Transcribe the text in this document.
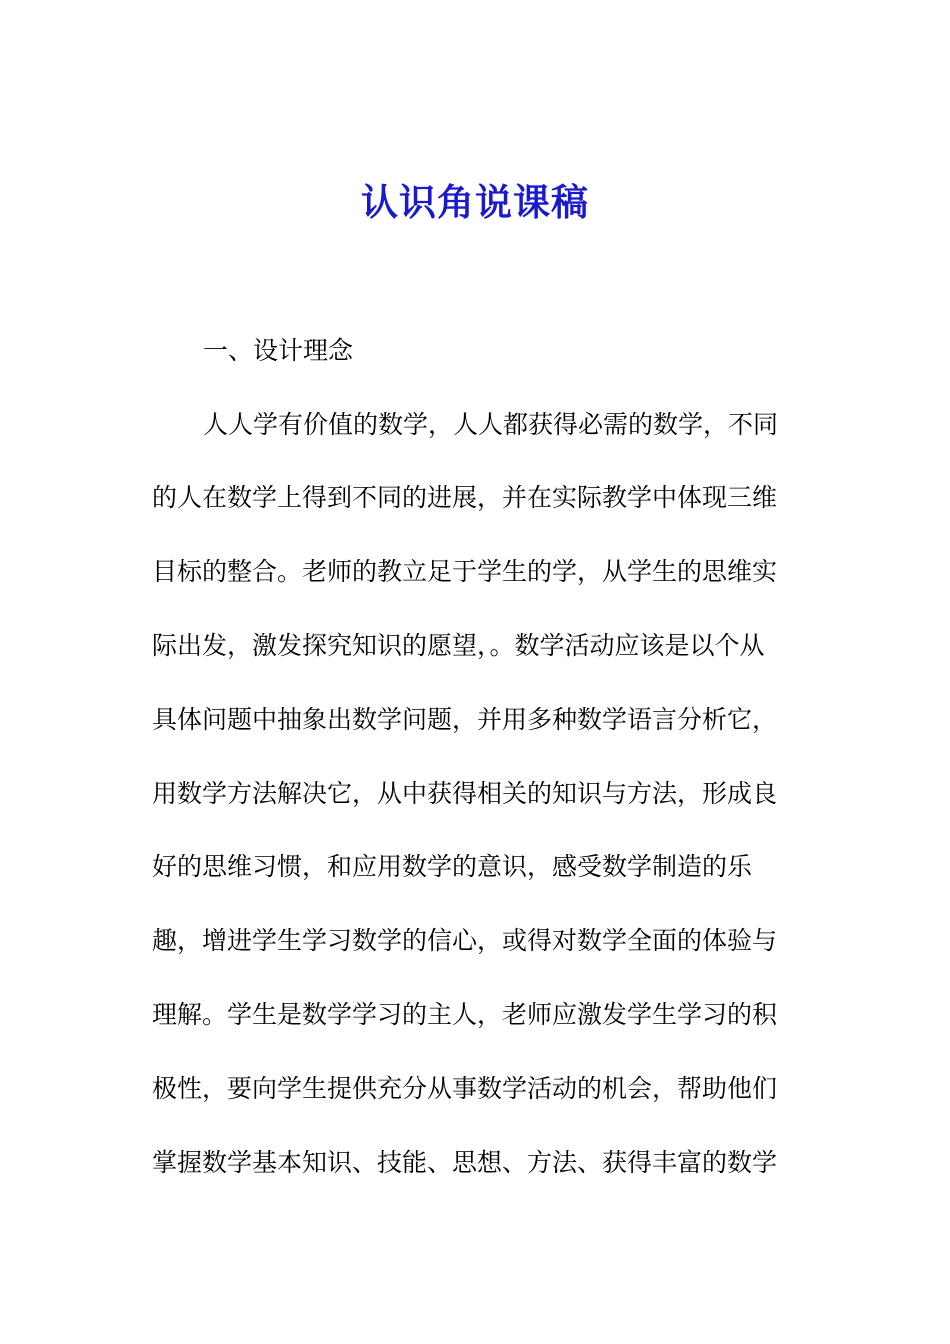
认识角说课稿
一、设计理念
人人学有价值的数学，人人都获得必需的数学，不同
的人在数学上得到不同的进展，并在实际教学中体现三维
目标的整合。老师的教立足于学生的学，从学生的思维实
际出发，激发探究知识的愿望，。数学活动应该是以个从
具体问题中抽象出数学问题，并用多种数学语言分析它，
用数学方法解决它，从中获得相关的知识与方法，形成良
好的思维习惯，和应用数学的意识，感受数学制造的乐
趣，增进学生学习数学的信心，或得对数学全面的体验与
理解。学生是数学学习的主人，老师应激发学生学习的积
极性，要向学生提供充分从事数学活动的机会，帮助他们
掌握数学基本知识、技能、思想、方法、获得丰富的数学
